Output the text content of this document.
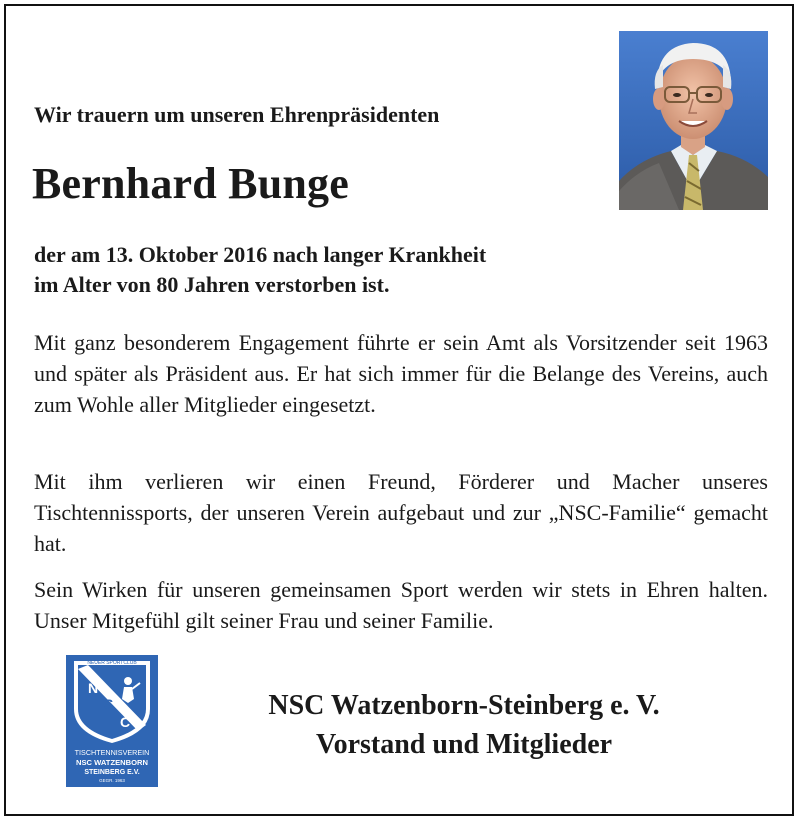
Wir trauern um unseren Ehrenpräsidenten
Bernhard Bunge
der am 13. Oktober 2016 nach langer Krankheit
im Alter von 80 Jahren verstorben ist.
Mit ganz besonderem Engagement führte er sein Amt als Vorsitzender seit 1963 und später als Präsident aus. Er hat sich immer für die Belange des Vereins, auch zum Wohle aller Mitglieder eingesetzt.
Mit ihm verlieren wir einen Freund, Förderer und Macher unseres Tischtennissports, der unseren Verein aufgebaut und zur „NSC-Familie“ gemacht hat.
Sein Wirken für unseren gemeinsamen Sport werden wir stets in Ehren halten. Unser Mitgefühl gilt seiner Frau und seiner Familie.
N
S
C
NEUER SPORTCLUB
TISCHTENNISVEREIN
NSC WATZENBORN
STEINBERG E.V.
GEGR. 1963
NSC Watzenborn-Steinberg e. V.
Vorstand und Mitglieder
